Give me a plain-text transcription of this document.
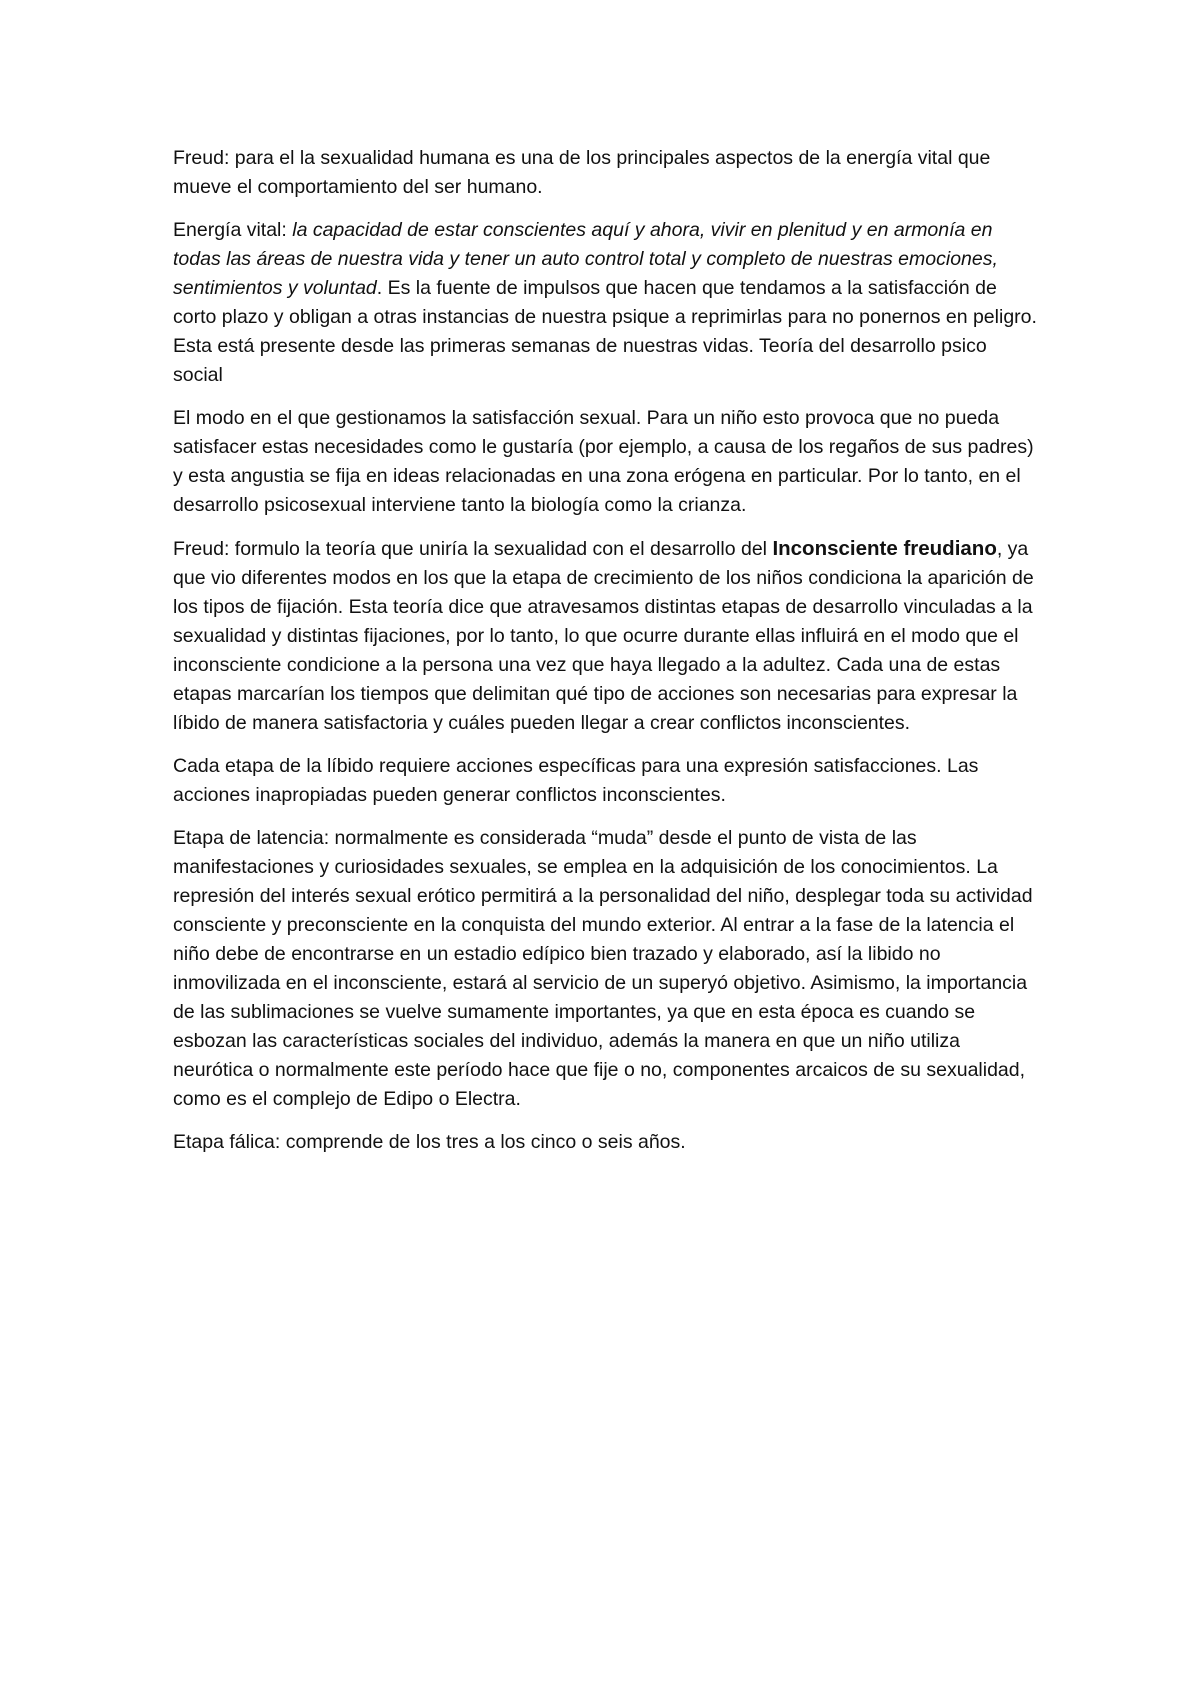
Freud: para el la sexualidad humana es una de los principales aspectos de la energía vital que mueve el comportamiento del ser humano.

Energía vital: la capacidad de estar conscientes aquí y ahora, vivir en plenitud y en armonía en todas las áreas de nuestra vida y tener un auto control total y completo de nuestras emociones, sentimientos y voluntad. Es la fuente de impulsos que hacen que tendamos a la satisfacción de corto plazo y obligan a otras instancias de nuestra psique a reprimirlas para no ponernos en peligro. Esta está presente desde las primeras semanas de nuestras vidas. Teoría del desarrollo psico social

El modo en el que gestionamos la satisfacción sexual. Para un niño esto provoca que no pueda satisfacer estas necesidades como le gustaría (por ejemplo, a causa de los regaños de sus padres) y esta angustia se fija en ideas relacionadas en una zona erógena en particular. Por lo tanto, en el desarrollo psicosexual interviene tanto la biología como la crianza.

Freud: formulo la teoría que uniría la sexualidad con el desarrollo del Inconsciente freudiano, ya que vio diferentes modos en los que la etapa de crecimiento de los niños condiciona la aparición de los tipos de fijación. Esta teoría dice que atravesamos distintas etapas de desarrollo vinculadas a la sexualidad y distintas fijaciones, por lo tanto, lo que ocurre durante ellas influirá en el modo que el inconsciente condicione a la persona una vez que haya llegado a la adultez. Cada una de estas etapas marcarían los tiempos que delimitan qué tipo de acciones son necesarias para expresar la líbido de manera satisfactoria y cuáles pueden llegar a crear conflictos inconscientes.

Cada etapa de la líbido requiere acciones específicas para una expresión satisfacciones. Las acciones inapropiadas pueden generar conflictos inconscientes.

Etapa de latencia: normalmente es considerada “muda” desde el punto de vista de las manifestaciones y curiosidades sexuales, se emplea en la adquisición de los conocimientos. La represión del interés sexual erótico permitirá a la personalidad del niño, desplegar toda su actividad consciente y preconsciente en la conquista del mundo exterior. Al entrar a la fase de la latencia el niño debe de encontrarse en un estadio edípico bien trazado y elaborado, así la libido no inmovilizada en el inconsciente, estará al servicio de un superyó objetivo. Asimismo, la importancia de las sublimaciones se vuelve sumamente importantes, ya que en esta época es cuando se esbozan las características sociales del individuo, además la manera en que un niño utiliza neurótica o normalmente este período hace que fije o no, componentes arcaicos de su sexualidad, como es el complejo de Edipo o Electra.

Etapa fálica: comprende de los tres a los cinco o seis años.
